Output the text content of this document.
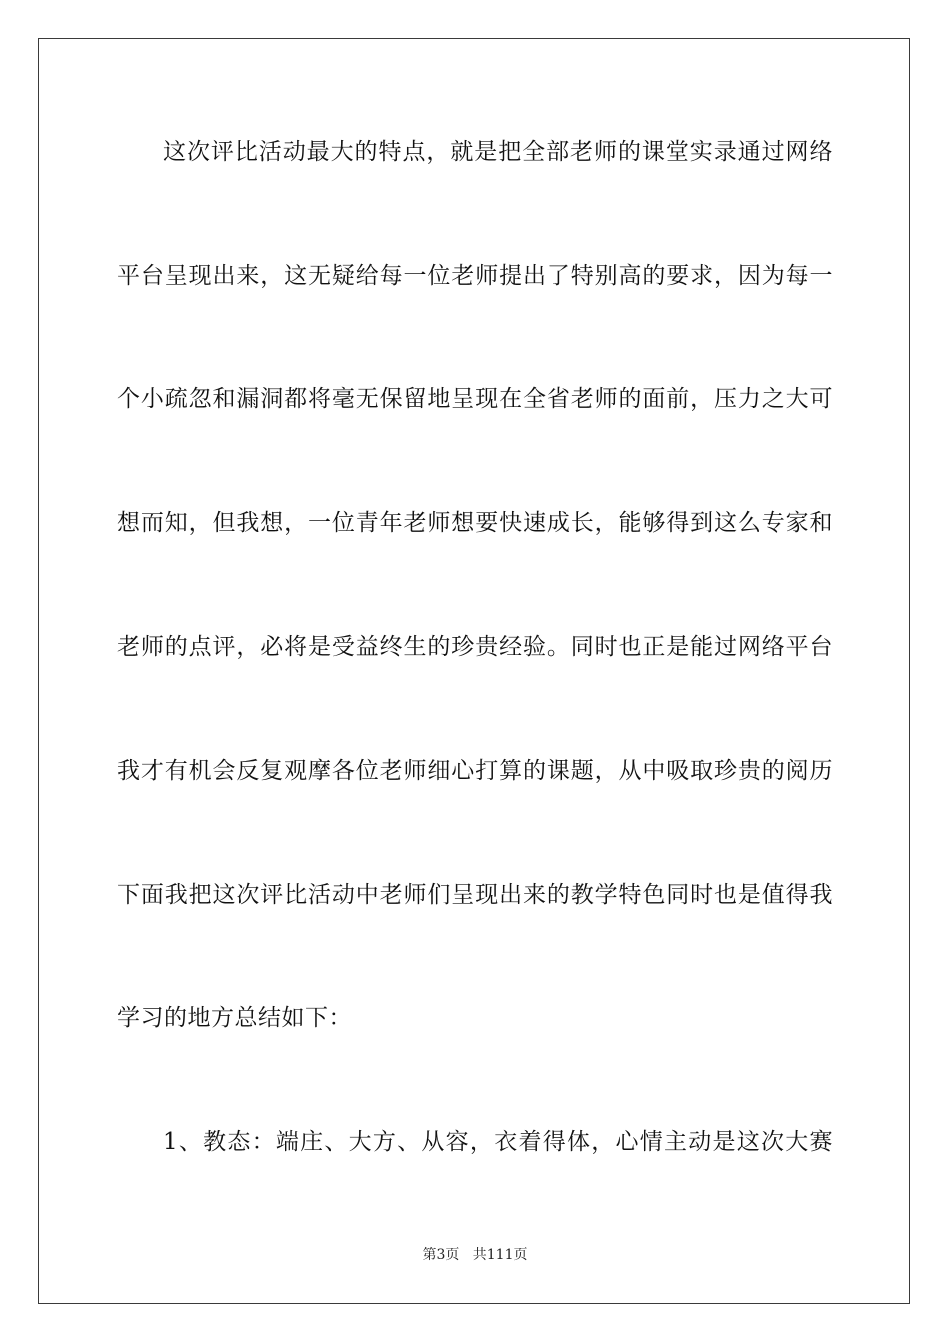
这次评比活动最大的特点，就是把全部老师的课堂实录通过网络
平台呈现出来，这无疑给每一位老师提出了特别高的要求，因为每一
个小疏忽和漏洞都将毫无保留地呈现在全省老师的面前，压力之大可
想而知，但我想，一位青年老师想要快速成长，能够得到这么专家和
老师的点评，必将是受益终生的珍贵经验。同时也正是能过网络平台
我才有机会反复观摩各位老师细心打算的课题，从中吸取珍贵的阅历
下面我把这次评比活动中老师们呈现出来的教学特色同时也是值得我
学习的地方总结如下：
1、教态：端庄、大方、从容，衣着得体，心情主动是这次大赛
第3页 共111页
